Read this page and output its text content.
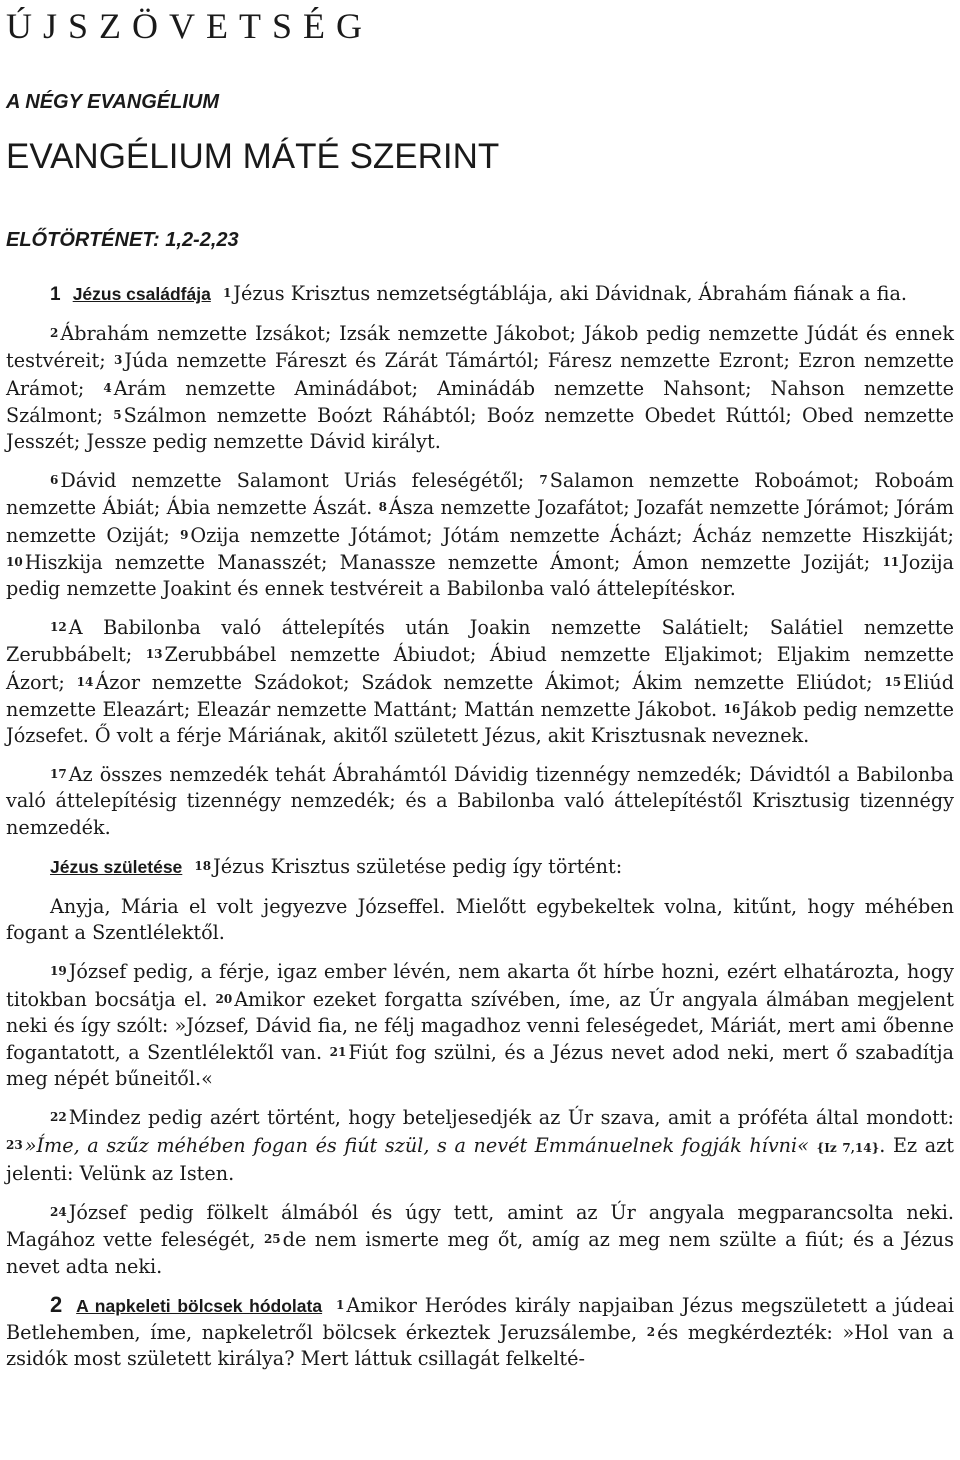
ÚJSZÖVETSÉG
A NÉGY EVANGÉLIUM
EVANGÉLIUM MÁTÉ SZERINT
ELŐTÖRTÉNET: 1,2-2,23

1 Jézus családfája 1 Jézus Krisztus nemzetségtáblája, aki Dávidnak, Ábrahám fiának a fia.

2 Ábrahám nemzette Izsákot; Izsák nemzette Jákobot; Jákob pedig nemzette Júdát és ennek testvéreit; 3 Júda nemzette Fáreszt és Zárát Támártól; Fáresz nemzette Ezront; Ezron nemzette Arámot; 4 Arám nemzette Aminádábot; Aminádáb nemzette Nahsont; Nahson nemzette Szálmont; 5 Szálmon nemzette Boózt Ráhábtól; Boóz nemzette Obedet Rúttól; Obed nemzette Jesszét; Jessze pedig nemzette Dávid királyt.

6 Dávid nemzette Salamont Uriás feleségétől; 7 Salamon nemzette Roboámot; Roboám nemzette Ábiát; Ábia nemzette Ászát. 8 Ásza nemzette Jozafátot; Jozafát nemzette Jórámot; Jórám nemzette Oziját; 9 Ozija nemzette Jótámot; Jótám nemzette Ácházt; Ácház nemzette Hiszkiját; 10 Hiszkija nemzette Manasszét; Manassze nemzette Ámont; Ámon nemzette Joziját; 11 Jozija pedig nemzette Joakint és ennek testvéreit a Babilonba való áttelepítéskor.

12 A Babilonba való áttelepítés után Joakin nemzette Salátielt; Salátiel nemzette Zerubbábelt; 13 Zerubbábel nemzette Ábiudot; Ábiud nemzette Eljakimot; Eljakim nemzette Ázort; 14 Ázor nemzette Szádokot; Szádok nemzette Ákimot; Ákim nemzette Eliúdot; 15 Eliúd nemzette Eleazárt; Eleazár nemzette Mattánt; Mattán nemzette Jákobot. 16 Jákob pedig nemzette Józsefet. Ő volt a férje Máriának, akitől született Jézus, akit Krisztusnak neveznek.

17 Az összes nemzedék tehát Ábrahámtól Dávidig tizennégy nemzedék; Dávidtól a Babilonba való áttelepítésig tizennégy nemzedék; és a Babilonba való áttelepítéstől Krisztusig tizennégy nemzedék.

Jézus születése 18 Jézus Krisztus születése pedig így történt:

Anyja, Mária el volt jegyezve Józseffel. Mielőtt egybekeltek volna, kitűnt, hogy méhében fogant a Szentlélektől.

19 József pedig, a férje, igaz ember lévén, nem akarta őt hírbe hozni, ezért elhatározta, hogy titokban bocsátja el. 20 Amikor ezeket forgatta szívében, íme, az Úr angyala álmában megjelent neki és így szólt: »József, Dávid fia, ne félj magadhoz venni feleségedet, Máriát, mert ami őbenne fogantatott, a Szentlélektől van. 21 Fiút fog szülni, és a Jézus nevet adod neki, mert ő szabadítja meg népét bűneitől.«

22 Mindez pedig azért történt, hogy beteljesedjék az Úr szava, amit a próféta által mondott: 23 »Íme, a szűz méhében fogan és fiút szül, s a nevét Emmánuelnek fogják hívni« {Iz 7,14}. Ez azt jelenti: Velünk az Isten.

24 József pedig fölkelt álmából és úgy tett, amint az Úr angyala megparancsolta neki. Magához vette feleségét, 25 de nem ismerte meg őt, amíg az meg nem szülte a fiút; és a Jézus nevet adta neki.

2 A napkeleti bölcsek hódolata 1 Amikor Heródes király napjaiban Jézus megszületett a júdeai Betlehemben, íme, napkeletről bölcsek érkeztek Jeruzsálembe, 2 és megkérdezték: »Hol van a zsidók most született királya? Mert láttuk csillagát felkelté-
